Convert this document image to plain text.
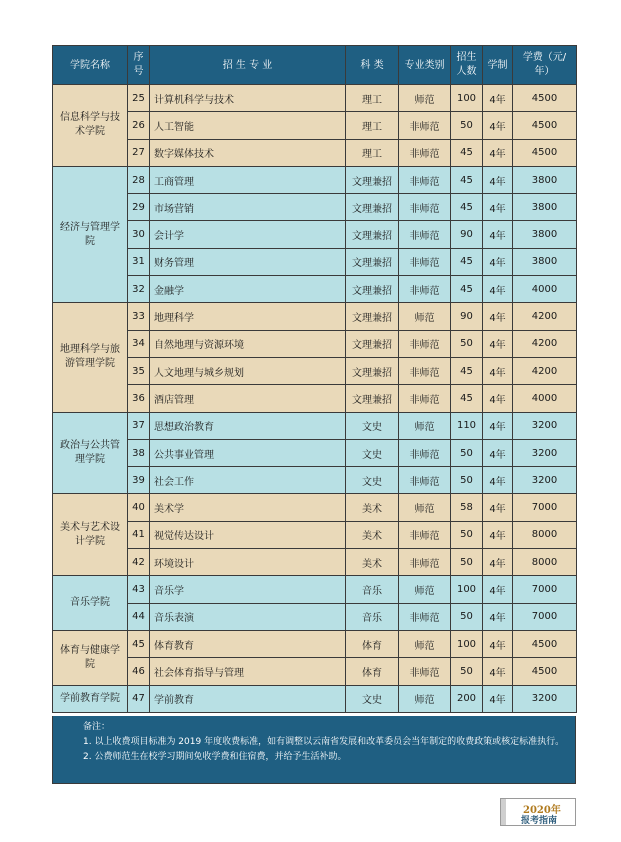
学院名称	序号	招 生 专 业	科 类	专业类别	招生人数	学制	学费（元/年）
信息科学与技术学院	25	计算机科学与技术	理工	师范	100	4年	4500
	26	人工智能	理工	非师范	50	4年	4500
	27	数字媒体技术	理工	非师范	45	4年	4500
经济与管理学院	28	工商管理	文理兼招	非师范	45	4年	3800
	29	市场营销	文理兼招	非师范	45	4年	3800
	30	会计学	文理兼招	非师范	90	4年	3800
	31	财务管理	文理兼招	非师范	45	4年	3800
	32	金融学	文理兼招	非师范	45	4年	4000
地理科学与旅游管理学院	33	地理科学	文理兼招	师范	90	4年	4200
	34	自然地理与资源环境	文理兼招	非师范	50	4年	4200
	35	人文地理与城乡规划	文理兼招	非师范	45	4年	4200
	36	酒店管理	文理兼招	非师范	45	4年	4000
政治与公共管理学院	37	思想政治教育	文史	师范	110	4年	3200
	38	公共事业管理	文史	非师范	50	4年	3200
	39	社会工作	文史	非师范	50	4年	3200
美术与艺术设计学院	40	美术学	美术	师范	58	4年	7000
	41	视觉传达设计	美术	非师范	50	4年	8000
	42	环境设计	美术	非师范	50	4年	8000
音乐学院	43	音乐学	音乐	师范	100	4年	7000
	44	音乐表演	音乐	非师范	50	4年	7000
体育与健康学院	45	体育教育	体育	师范	100	4年	4500
	46	社会体育指导与管理	体育	非师范	50	4年	4500
学前教育学院	47	学前教育	文史	师范	200	4年	3200
备注：
1. 以上收费项目标准为 2019 年度收费标准，如有调整以云南省发展和改革委员会当年制定的收费政策或核定标准执行。
2. 公费师范生在校学习期间免收学费和住宿费，并给予生活补助。
2020年
报考指南
